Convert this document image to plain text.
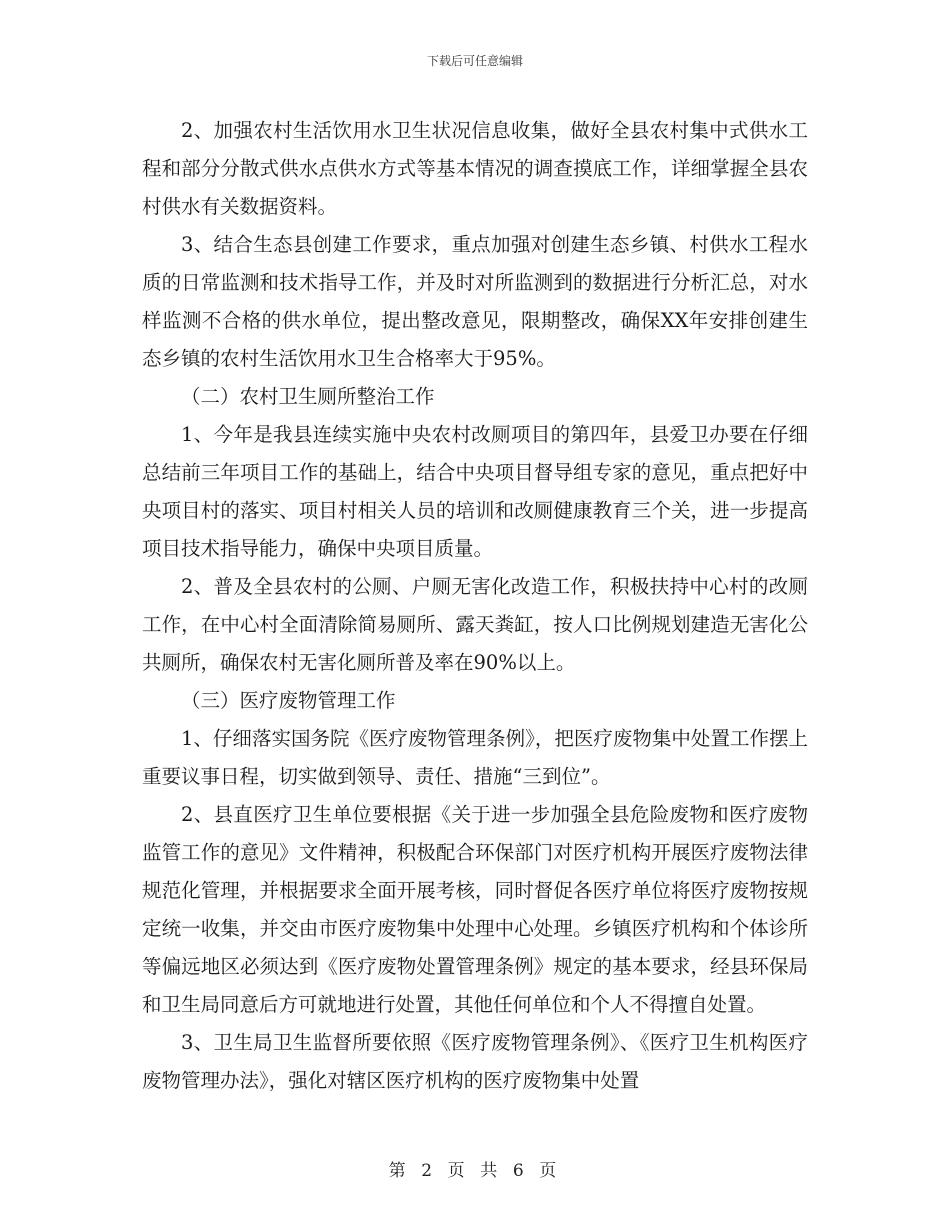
下载后可任意编辑

2、加强农村生活饮用水卫生状况信息收集，做好全县农村集中式供水工程和部分分散式供水点供水方式等基本情况的调查摸底工作，详细掌握全县农村供水有关数据资料。

3、结合生态县创建工作要求，重点加强对创建生态乡镇、村供水工程水质的日常监测和技术指导工作，并及时对所监测到的数据进行分析汇总，对水样监测不合格的供水单位，提出整改意见，限期整改，确保XX年安排创建生态乡镇的农村生活饮用水卫生合格率大于95%。

（二）农村卫生厕所整治工作

1、今年是我县连续实施中央农村改厕项目的第四年，县爱卫办要在仔细总结前三年项目工作的基础上，结合中央项目督导组专家的意见，重点把好中央项目村的落实、项目村相关人员的培训和改厕健康教育三个关，进一步提高项目技术指导能力，确保中央项目质量。

2、普及全县农村的公厕、户厕无害化改造工作，积极扶持中心村的改厕工作，在中心村全面清除简易厕所、露天粪缸，按人口比例规划建造无害化公共厕所，确保农村无害化厕所普及率在90%以上。

（三）医疗废物管理工作

1、仔细落实国务院《医疗废物管理条例》，把医疗废物集中处置工作摆上重要议事日程，切实做到领导、责任、措施“三到位”。

2、县直医疗卫生单位要根据《关于进一步加强全县危险废物和医疗废物监管工作的意见》文件精神，积极配合环保部门对医疗机构开展医疗废物法律规范化管理，并根据要求全面开展考核，同时督促各医疗单位将医疗废物按规定统一收集，并交由市医疗废物集中处理中心处理。乡镇医疗机构和个体诊所等偏远地区必须达到《医疗废物处置管理条例》规定的基本要求，经县环保局和卫生局同意后方可就地进行处置，其他任何单位和个人不得擅自处置。

3、卫生局卫生监督所要依照《医疗废物管理条例》、《医疗卫生机构医疗废物管理办法》，强化对辖区医疗机构的医疗废物集中处置

第 2 页 共 6 页
